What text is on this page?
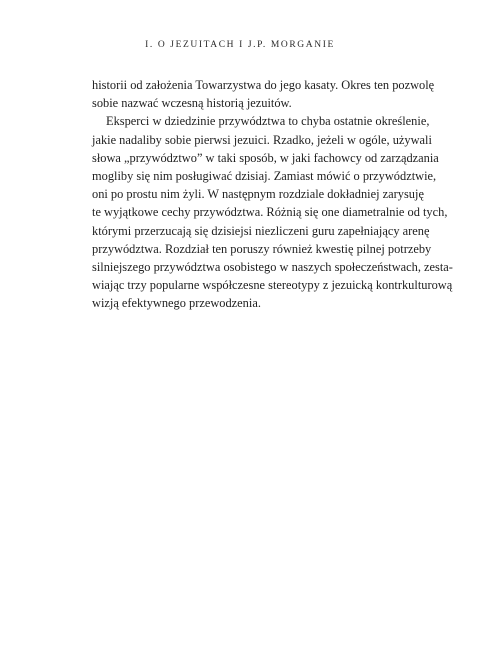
I. O JEZUITACH I J.P. MORGANIE
historii od założenia Towarzystwa do jego kasaty. Okres ten pozwolę
sobie nazwać wczesną historią jezuitów.
Eksperci w dziedzinie przywództwa to chyba ostatnie określenie,
jakie nadaliby sobie pierwsi jezuici. Rzadko, jeżeli w ogóle, używali
słowa „przywództwo” w taki sposób, w jaki fachowcy od zarządzania
mogliby się nim posługiwać dzisiaj. Zamiast mówić o przywództwie,
oni po prostu nim żyli. W następnym rozdziale dokładniej zarysuję
te wyjątkowe cechy przywództwa. Różnią się one diametralnie od tych,
którymi przerzucają się dzisiejsi niezliczeni guru zapełniający arenę
przywództwa. Rozdział ten poruszy również kwestię pilnej potrzeby
silniejszego przywództwa osobistego w naszych społeczeństwach, zesta-
wiając trzy popularne współczesne stereotypy z jezuicką kontrkulturową
wizją efektywnego przewodzenia.
